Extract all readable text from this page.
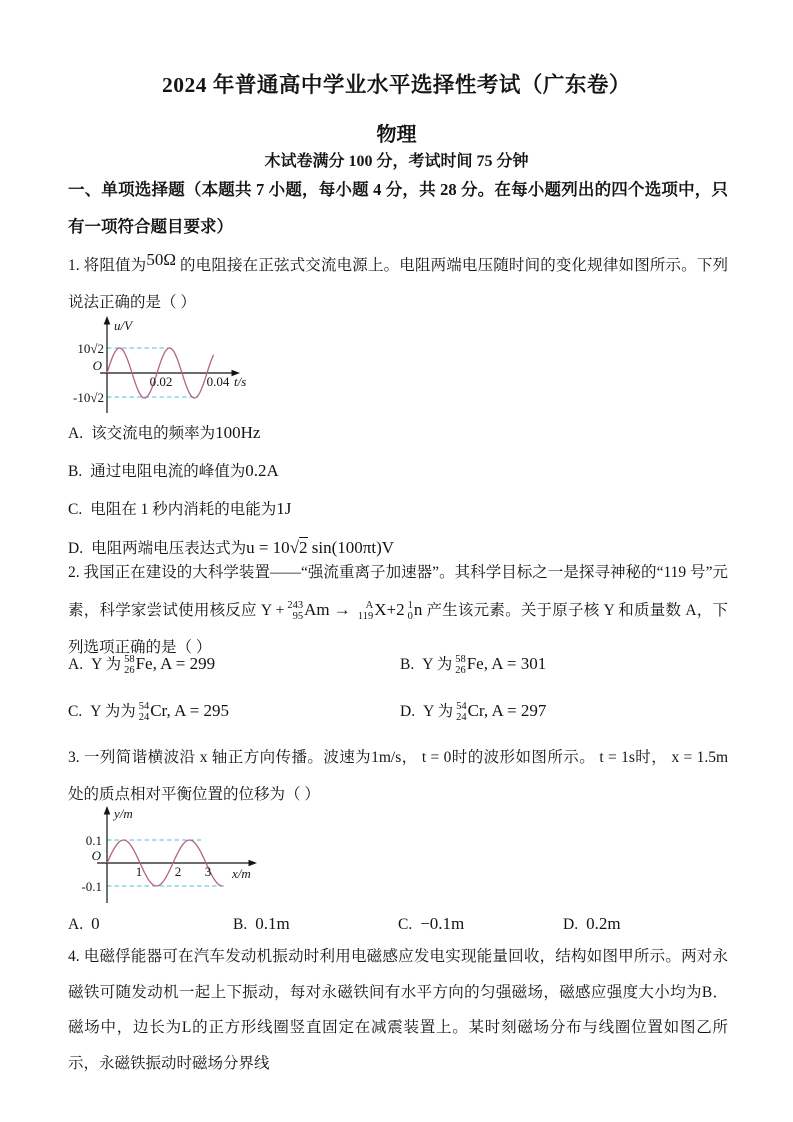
2024 年普通高中学业水平选择性考试（广东卷）
物理
木试卷满分 100 分，考试时间 75 分钟
一、单项选择题（本题共 7 小题，每小题 4 分，共 28 分。在每小题列出的四个选项中，只有一项符合题目要求）
1. 将阻值为50Ω 的电阻接在正弦式交流电源上。电阻两端电压随时间的变化规律如图所示。下列说法正确的是（ ）
u/V
10√2
O
-10√2
0.02	0.04 t/s
A. 该交流电的频率为100Hz
B. 通过电阻电流的峰值为0.2A
C. 电阻在 1 秒内消耗的电能为1J
D. 电阻两端电压表达式为u = 10√2 sin(100πt)V
2. 我国正在建设的大科学装置——“强流重离子加速器”。其科学目标之一是探寻神秘的“119 号”元素，科学家尝试使用核反应 Y + 243
95 Am →	A
119 X+2 1
0 n 产生该元素。关于原子核 Y 和质量数 A，下列选项正确的是（ ）
A. Y 为 58
26 Fe, A = 299	B. Y 为 58
26 Fe, A = 301
C. Y 为为 54
24 Cr, A = 295	D. Y 为 54
24 Cr, A = 297
3. 一列简谐横波沿 x 轴正方向传播。波速为1m/s， t = 0时的波形如图所示。 t = 1s时， x = 1.5m 处的质点相对平衡位置的位移为（ ）
y/m
0.1
O
-0.1
1	2 3 x/m
A. 0	B. 0.1m	C. −0.1m	D. 0.2m
4. 电磁俘能器可在汽车发动机振动时利用电磁感应发电实现能量回收，结构如图甲所示。两对永磁铁可随发动机一起上下振动，每对永磁铁间有水平方向的匀强磁场，磁感应强度大小均为B．磁场中，边长为L的正方形线圈竖直固定在减震装置上。某时刻磁场分布与线圈位置如图乙所示，永磁铁振动时磁场分界线
